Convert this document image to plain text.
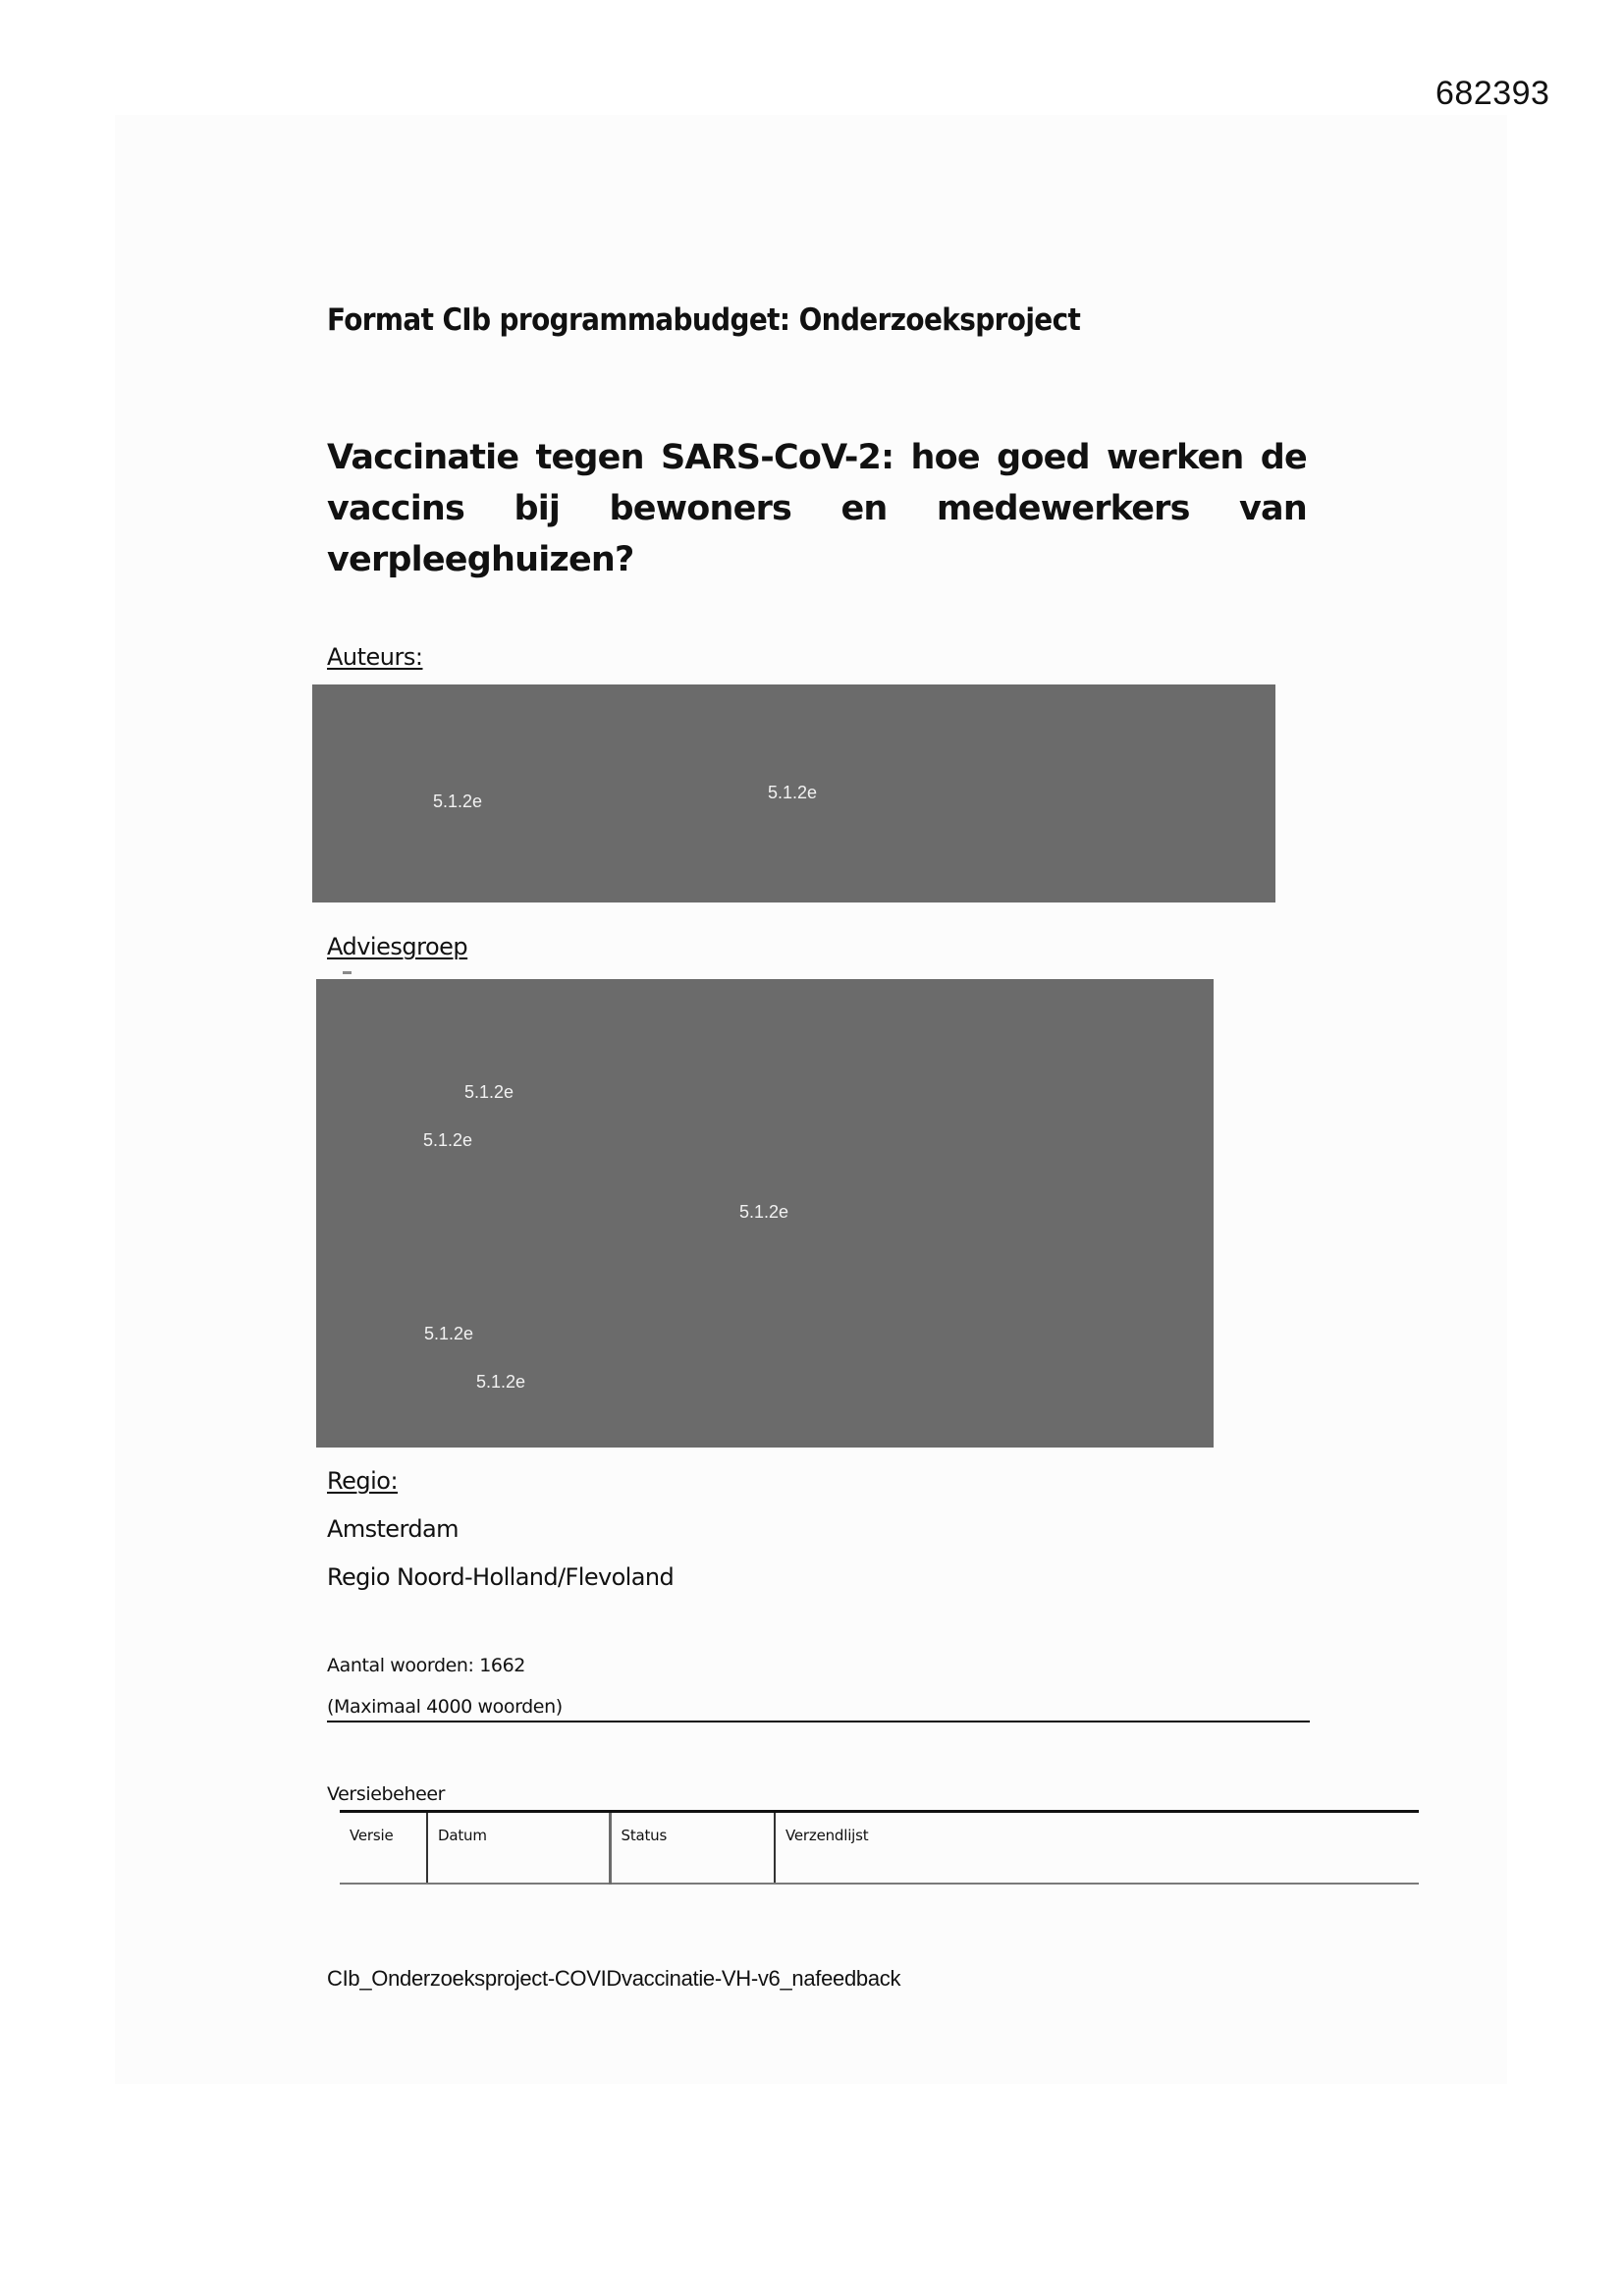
682393
Format CIb programmabudget: Onderzoeksproject
Vaccinatie tegen SARS-CoV-2: hoe goed werken de
vaccins bij bewoners en medewerkers van
verpleeghuizen?
Auteurs:
5.1.2e	5.1.2e
Adviesgroep
5.1.2e
5.1.2e
5.1.2e
5.1.2e
5.1.2e
Regio:
Amsterdam
Regio Noord-Holland/Flevoland
Aantal woorden: 1662
(Maximaal 4000 woorden)
Versiebeheer
Versie	Datum	Status	Verzendlijst
CIb_Onderzoeksproject-COVIDvaccinatie-VH-v6_nafeedback
